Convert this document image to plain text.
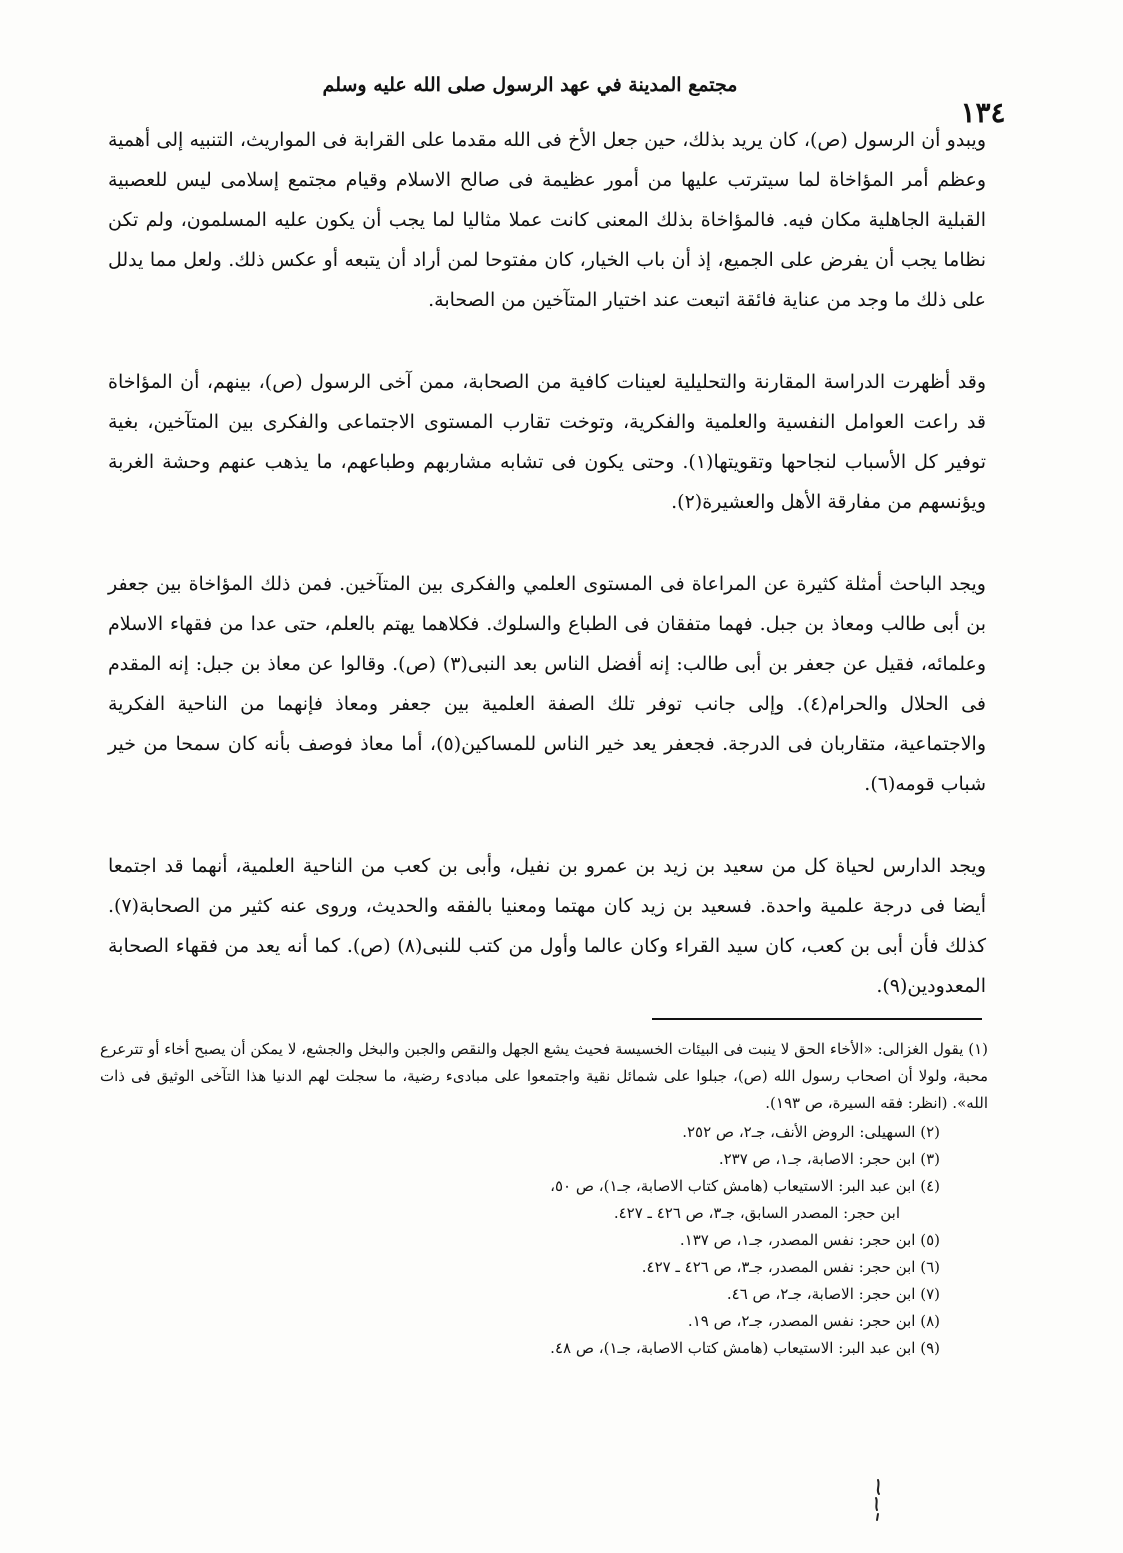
مجتمع المدينة في عهد الرسول صلى الله عليه وسلم
١٣٤

ويبدو أن الرسول (ص)، كان يريد بذلك، حين جعل الأخ فى الله مقدما على القرابة فى المواريث، التنبيه إلى أهمية وعظم أمر المؤاخاة لما سيترتب عليها من أمور عظيمة فى صالح الاسلام وقيام مجتمع إسلامى ليس للعصبية القبلية الجاهلية مكان فيه. فالمؤاخاة بذلك المعنى كانت عملا مثاليا لما يجب أن يكون عليه المسلمون، ولم تكن نظاما يجب أن يفرض على الجميع، إذ أن باب الخيار، كان مفتوحا لمن أراد أن يتبعه أو عكس ذلك. ولعل مما يدلل على ذلك ما وجد من عناية فائقة اتبعت عند اختيار المتآخين من الصحابة.

وقد أظهرت الدراسة المقارنة والتحليلية لعينات كافية من الصحابة، ممن آخى الرسول (ص)، بينهم، أن المؤاخاة قد راعت العوامل النفسية والعلمية والفكرية، وتوخت تقارب المستوى الاجتماعى والفكرى بين المتآخين، بغية توفير كل الأسباب لنجاحها وتقويتها(١). وحتى يكون فى تشابه مشاربهم وطباعهم، ما يذهب عنهم وحشة الغربة ويؤنسهم من مفارقة الأهل والعشيرة(٢).

ويجد الباحث أمثلة كثيرة عن المراعاة فى المستوى العلمي والفكرى بين المتآخين. فمن ذلك المؤاخاة بين جعفر بن أبى طالب ومعاذ بن جبل. فهما متفقان فى الطباع والسلوك. فكلاهما يهتم بالعلم، حتى عدا من فقهاء الاسلام وعلمائه، فقيل عن جعفر بن أبى طالب: إنه أفضل الناس بعد النبى(٣) (ص). وقالوا عن معاذ بن جبل: إنه المقدم فى الحلال والحرام(٤). وإلى جانب توفر تلك الصفة العلمية بين جعفر ومعاذ فإنهما من الناحية الفكرية والاجتماعية، متقاربان فى الدرجة. فجعفر يعد خير الناس للمساكين(٥)، أما معاذ فوصف بأنه كان سمحا من خير شباب قومه(٦).

ويجد الدارس لحياة كل من سعيد بن زيد بن عمرو بن نفيل، وأبى بن كعب من الناحية العلمية، أنهما قد اجتمعا أيضا فى درجة علمية واحدة. فسعيد بن زيد كان مهتما ومعنيا بالفقه والحديث، وروى عنه كثير من الصحابة(٧). كذلك فأن أبى بن كعب، كان سيد القراء وكان عالما وأول من كتب للنبى(٨) (ص). كما أنه يعد من فقهاء الصحابة المعدودين(٩).

(١) يقول الغزالى: «الأخاء الحق لا ينبت فى البيئات الخسيسة فحيث يشع الجهل والنقص والجبن والبخل والجشع، لا يمكن أن يصبح أخاء أو تترعرع محبة، ولولا أن اصحاب رسول الله (ص)، جبلوا على شمائل نقية واجتمعوا على مبادىء رضية، ما سجلت لهم الدنيا هذا التآخى الوثيق فى ذات الله». (انظر: فقه السيرة، ص ١٩٣).

(٢) السهيلى: الروض الأنف، جـ٢، ص ٢٥٢.
(٣) ابن حجر: الاصابة، جـ١، ص ٢٣٧.
(٤) ابن عبد البر: الاستيعاب (هامش كتاب الاصابة، جـ١)، ص ٥٠،
ابن حجر: المصدر السابق، جـ٣، ص ٤٢٦ ـ ٤٢٧.
(٥) ابن حجر: نفس المصدر، جـ١، ص ١٣٧.
(٦) ابن حجر: نفس المصدر، جـ٣، ص ٤٢٦ ـ ٤٢٧.
(٧) ابن حجر: الاصابة، جـ٢، ص ٤٦.
(٨) ابن حجر: نفس المصدر، جـ٢، ص ١٩.
(٩) ابن عبد البر: الاستيعاب (هامش كتاب الاصابة، جـ١)، ص ٤٨.
